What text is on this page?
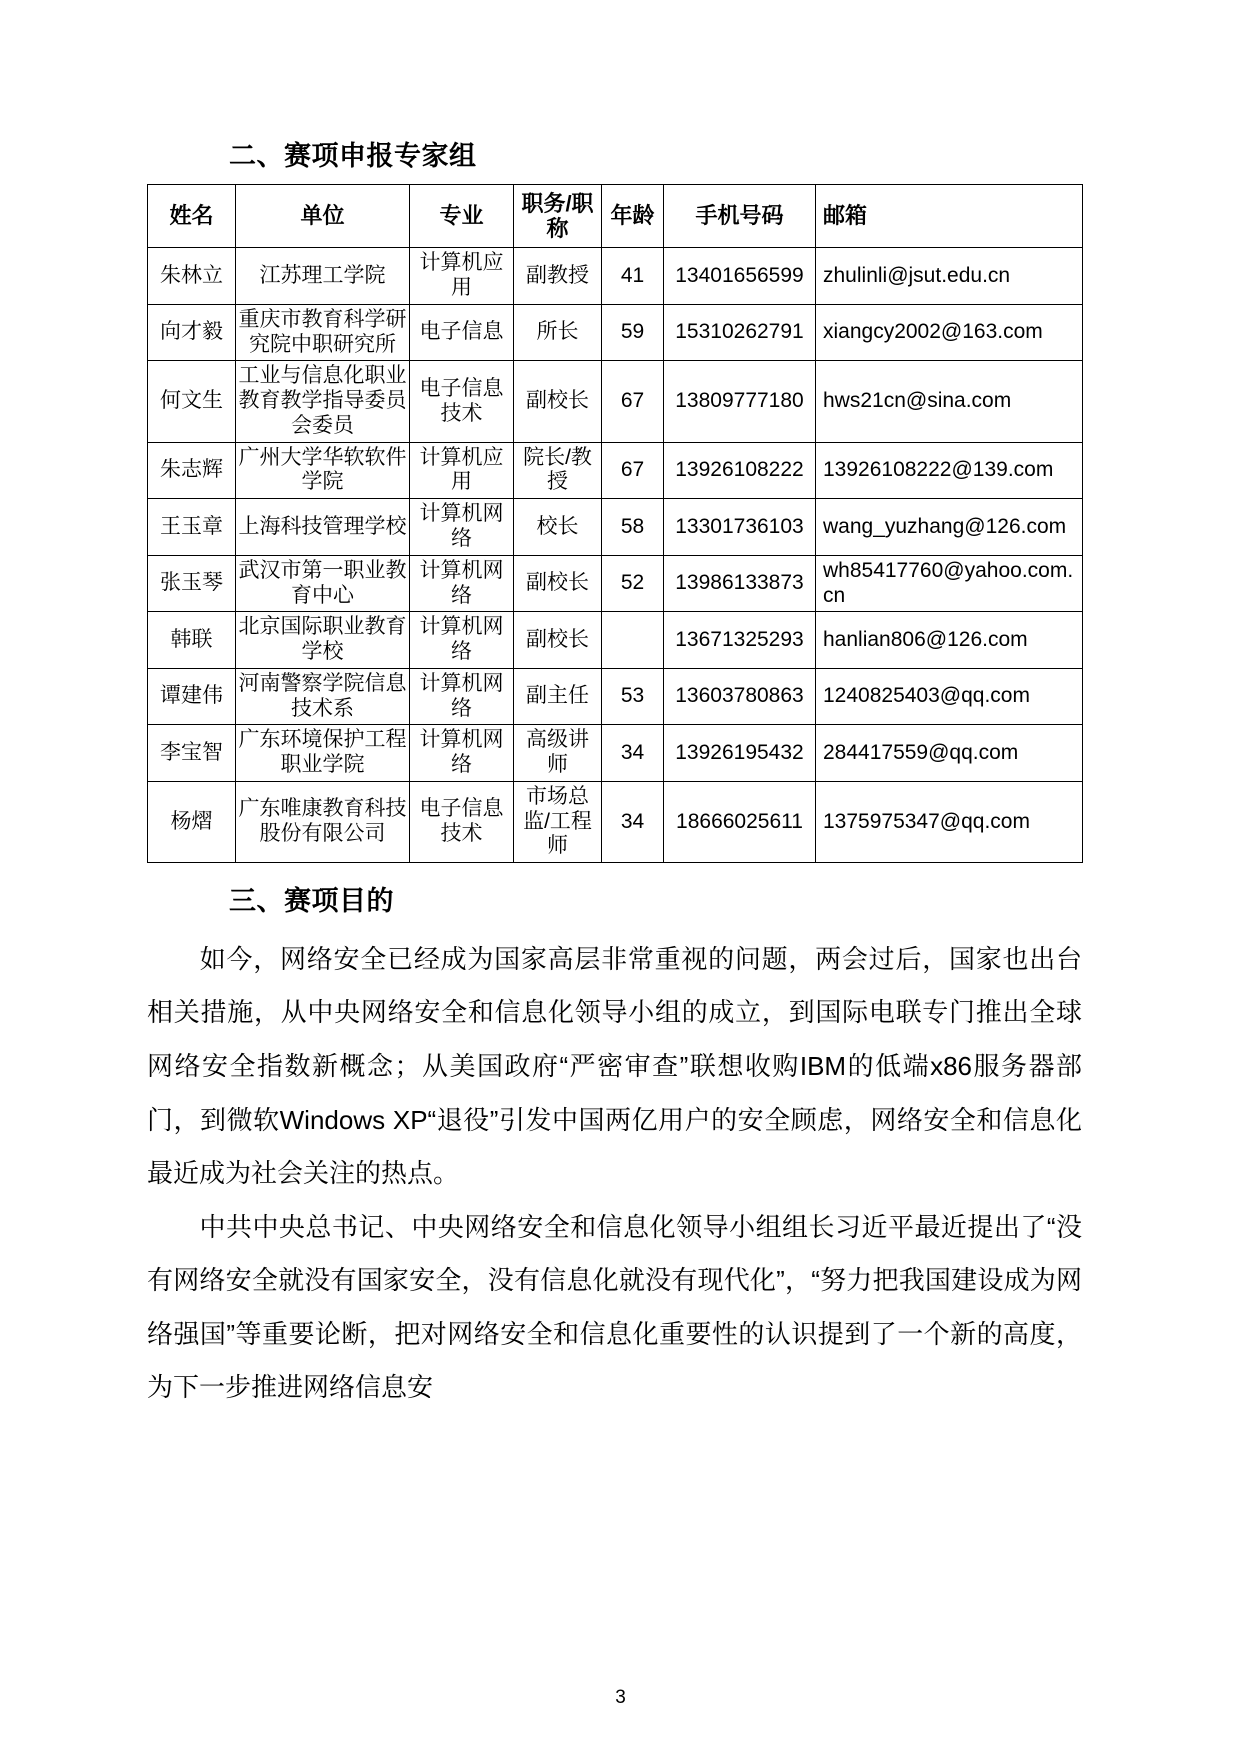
二、赛项申报专家组
姓名	单位	专业	职务/职称	年龄	手机号码	邮箱
朱林立	江苏理工学院	计算机应用	副教授	41	13401656599	zhulinli@jsut.edu.cn
向才毅	重庆市教育科学研究院中职研究所	电子信息	所长	59	15310262791	xiangcy2002@163.com
何文生	工业与信息化职业教育教学指导委员会委员	电子信息技术	副校长	67	13809777180	hws21cn@sina.com
朱志辉	广州大学华软软件学院	计算机应用	院长/教授	67	13926108222	13926108222@139.com
王玉章	上海科技管理学校	计算机网络	校长	58	13301736103	wang_yuzhang@126.com
张玉琴	武汉市第一职业教育中心	计算机网络	副校长	52	13986133873	wh85417760@yahoo.com.cn
韩联	北京国际职业教育学校	计算机网络	副校长		13671325293	hanlian806@126.com
谭建伟	河南警察学院信息技术系	计算机网络	副主任	53	13603780863	1240825403@qq.com
李宝智	广东环境保护工程职业学院	计算机网络	高级讲师	34	13926195432	284417559@qq.com
杨熠	广东唯康教育科技股份有限公司	电子信息技术	市场总监/工程师	34	18666025611	1375975347@qq.com
三、赛项目的

如今，网络安全已经成为国家高层非常重视的问题，两会过后，国家也出台相关措施，从中央网络安全和信息化领导小组的成立，到国际电联专门推出全球网络安全指数新概念；从美国政府“严密审查”联想收购IBM的低端x86服务器部门，到微软Windows XP“退役”引发中国两亿用户的安全顾虑，网络安全和信息化最近成为社会关注的热点。

中共中央总书记、中央网络安全和信息化领导小组组长习近平最近提出了“没有网络安全就没有国家安全，没有信息化就没有现代化”，“努力把我国建设成为网络强国”等重要论断，把对网络安全和信息化重要性的认识提到了一个新的高度，为下一步推进网络信息安

3
